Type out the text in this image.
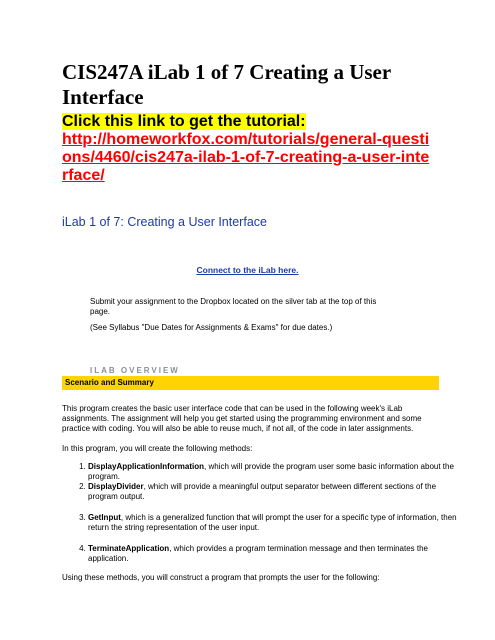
CIS247A iLab 1 of 7 Creating a User Interface
Click this link to get the tutorial:
http://homeworkfox.com/tutorials/general-questions/4460/cis247a-ilab-1-of-7-creating-a-user-interface/
iLab 1 of 7: Creating a User Interface
Connect to the iLab here.
Submit your assignment to the Dropbox located on the silver tab at the top of this page.
(See Syllabus "Due Dates for Assignments & Exams" for due dates.)
ILAB OVERVIEW
Scenario and Summary
This program creates the basic user interface code that can be used in the following week's iLab assignments. The assignment will help you get started using the programming environment and some practice with coding. You will also be able to reuse much, if not all, of the code in later assignments.
In this program, you will create the following methods:
1. DisplayApplicationInformation, which will provide the program user some basic information about the program.
2. DisplayDivider, which will provide a meaningful output separator between different sections of the program output.
3. GetInput, which is a generalized function that will prompt the user for a specific type of information, then return the string representation of the user input.
4. TerminateApplication, which provides a program termination message and then terminates the application.
Using these methods, you will construct a program that prompts the user for the following:
